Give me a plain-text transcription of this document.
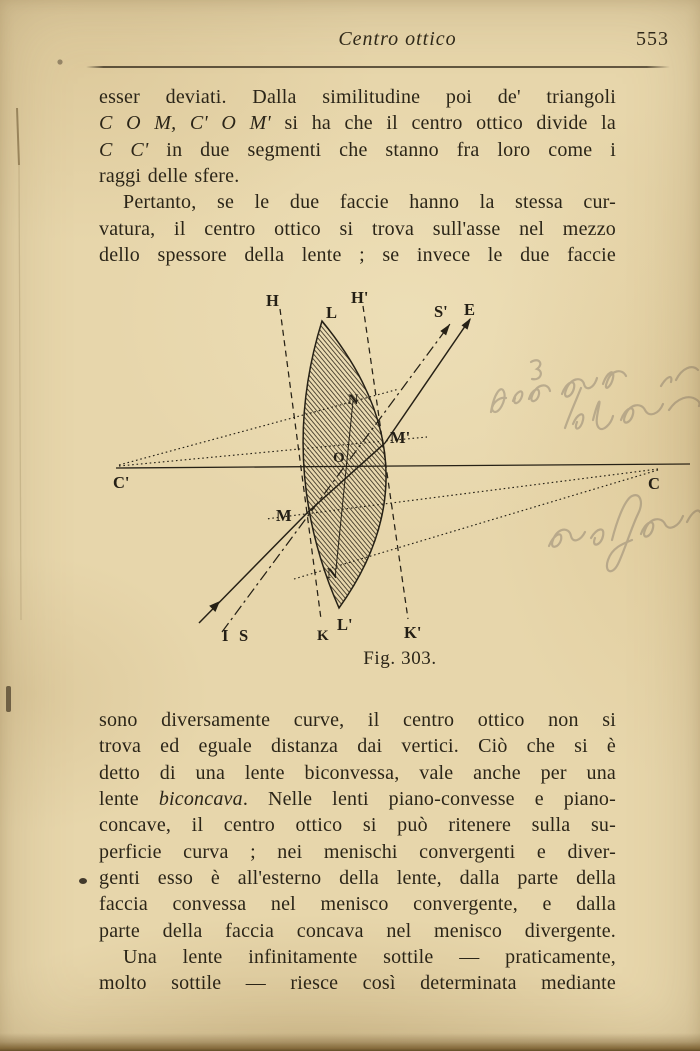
Centro ottico	553
esser deviati. Dalla similitudine poi de' triangoli
C O M, C' O M' si ha che il centro ottico divide la
C C' in due segmenti che stanno fra loro come i
raggi delle sfere.
Pertanto, se le due faccie hanno la stessa cur-
vatura, il centro ottico si trova sull'asse nel mezzo
dello spessore della lente ; se invece le due faccie
H
L
H'
S' E
N
M'
O
C'	C
M
N
I S	K
L'	K'
Fig. 303.
sono diversamente curve, il centro ottico non si
trova ed eguale distanza dai vertici. Ciò che si è
detto di una lente biconvessa, vale anche per una
lente biconcava. Nelle lenti piano-convesse e piano-
concave, il centro ottico si può ritenere sulla su-
perficie curva ; nei menischi convergenti e diver-
genti esso è all'esterno della lente, dalla parte della
faccia convessa nel menisco convergente, e dalla
parte della faccia concava nel menisco divergente.
Una lente infinitamente sottile — praticamente,
molto sottile — riesce così determinata mediante
